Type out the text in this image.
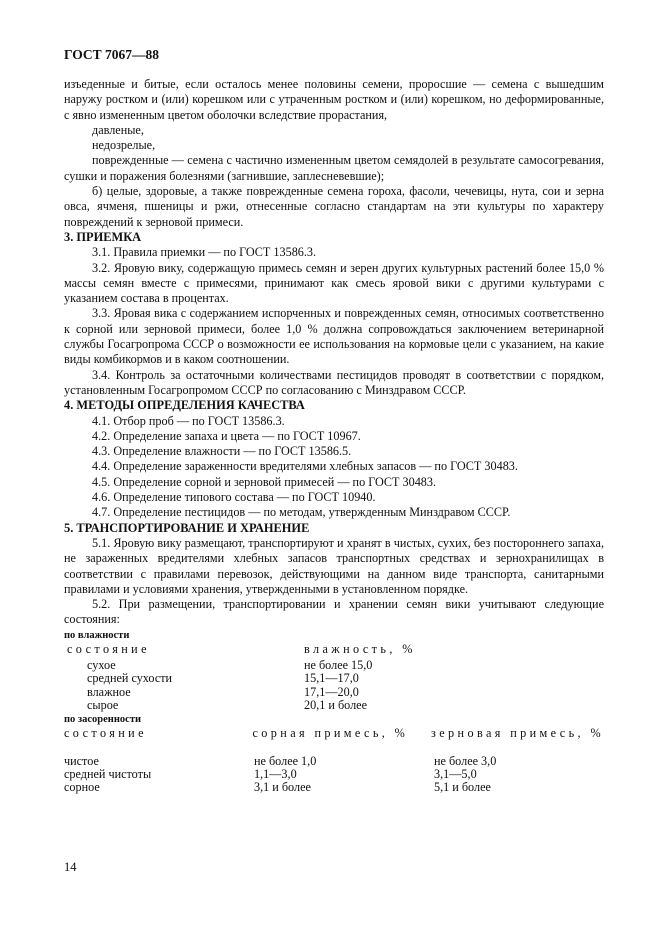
ГОСТ 7067—88

изъеденные и битые, если осталось менее половины семени, проросшие — семена с вышедшим наружу ростком и (или) корешком или с утраченным ростком и (или) корешком, но деформированные, с явно измененным цветом оболочки вследствие прорастания,

давленые,

недозрелые,

поврежденные — семена с частично измененным цветом семядолей в результате самосогревания, сушки и поражения болезнями (загнившие, заплесневевшие);

б) целые, здоровые, а также поврежденные семена гороха, фасоли, чечевицы, нута, сои и зерна овса, ячменя, пшеницы и ржи, отнесенные согласно стандартам на эти культуры по характеру повреждений к зерновой примеси.

3. ПРИЕМКА

3.1. Правила приемки — по ГОСТ 13586.3.

3.2. Яровую вику, содержащую примесь семян и зерен других культурных растений более 15,0 % массы семян вместе с примесями, принимают как смесь яровой вики с другими культурами с указанием состава в процентах.

3.3. Яровая вика с содержанием испорченных и поврежденных семян, относимых соответственно к сорной или зерновой примеси, более 1,0 % должна сопровождаться заключением ветеринарной службы Госагропрома СССР о возможности ее использования на кормовые цели с указанием, на какие виды комбикормов и в каком соотношении.

3.4. Контроль за остаточными количествами пестицидов проводят в соответствии с порядком, установленным Госагропромом СССР по согласованию с Минздравом СССР.

4. МЕТОДЫ ОПРЕДЕЛЕНИЯ КАЧЕСТВА

4.1. Отбор проб — по ГОСТ 13586.3.

4.2. Определение запаха и цвета — по ГОСТ 10967.

4.3. Определение влажности — по ГОСТ 13586.5.

4.4. Определение зараженности вредителями хлебных запасов — по ГОСТ 30483.

4.5. Определение сорной и зерновой примесей — по ГОСТ 30483.

4.6. Определение типового состава — по ГОСТ 10940.

4.7. Определение пестицидов — по методам, утвержденным Минздравом СССР.

5. ТРАНСПОРТИРОВАНИЕ И ХРАНЕНИЕ

5.1. Яровую вику размещают, транспортируют и хранят в чистых, сухих, без постороннего запаха, не зараженных вредителями хлебных запасов транспортных средствах и зернохранилищах в соответствии с правилами перевозок, действующими на данном виде транспорта, санитарными правилами и условиями хранения, утвержденными в установленном порядке.

5.2. При размещении, транспортировании и хранении семян вики учитывают следующие состояния:

по влажности

состояние	влажность, %
сухое	не более 15,0
средней сухости	15,1—17,0
влажное	17,1—20,0
сырое	20,1 и более

по засоренности

состояние	сорная примесь, %	зерновая примесь, %
чистое	не более 1,0	не более 3,0
средней чистоты	1,1—3,0	3,1—5,0
сорное	3,1 и более	5,1 и более
14
